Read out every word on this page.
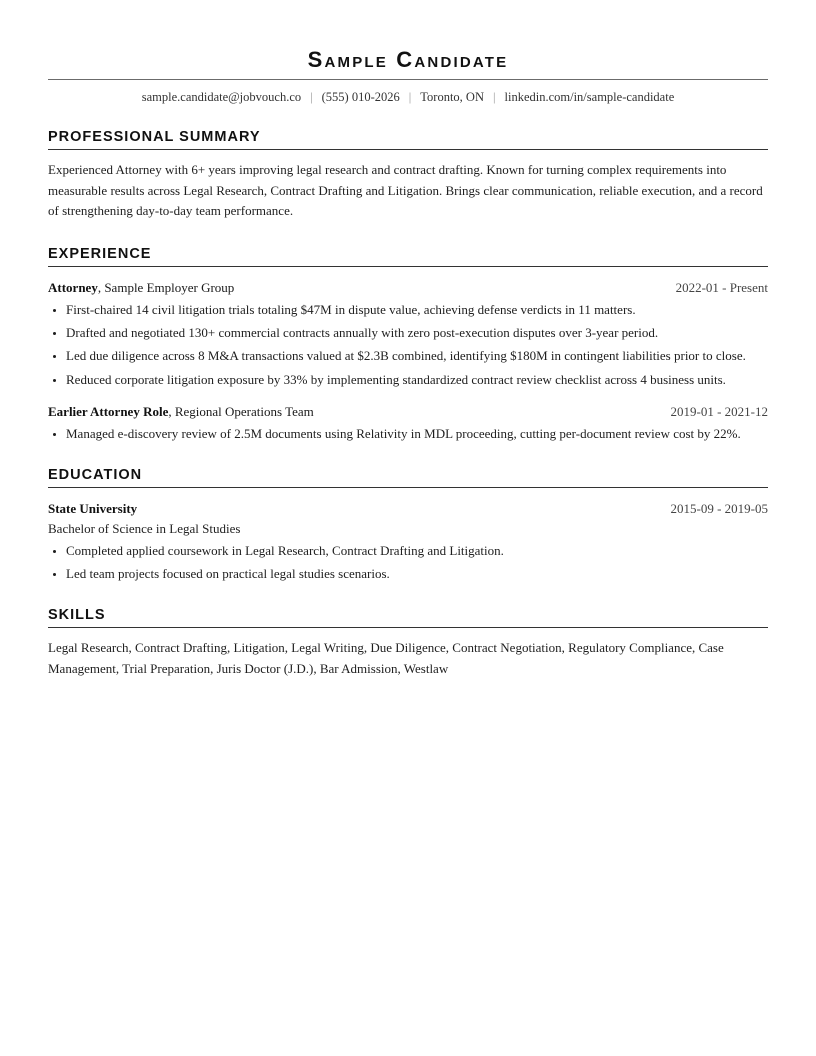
Sample Candidate
sample.candidate@jobvouch.co | (555) 010-2026 | Toronto, ON | linkedin.com/in/sample-candidate
PROFESSIONAL SUMMARY

Experienced Attorney with 6+ years improving legal research and contract drafting. Known for turning complex requirements into measurable results across Legal Research, Contract Drafting and Litigation. Brings clear communication, reliable execution, and a record of strengthening day-to-day team performance.

EXPERIENCE
Attorney, Sample Employer Group	2022-01 - Present
• First-chaired 14 civil litigation trials totaling $47M in dispute value, achieving defense verdicts in 11 matters.
• Drafted and negotiated 130+ commercial contracts annually with zero post-execution disputes over 3-year period.
• Led due diligence across 8 M&A transactions valued at $2.3B combined, identifying $180M in contingent liabilities prior to close.
• Reduced corporate litigation exposure by 33% by implementing standardized contract review checklist across 4 business units.
Earlier Attorney Role, Regional Operations Team	2019-01 - 2021-12
• Managed e-discovery review of 2.5M documents using Relativity in MDL proceeding, cutting per-document review cost by 22%.
EDUCATION
State University	2015-09 - 2019-05
Bachelor of Science in Legal Studies
• Completed applied coursework in Legal Research, Contract Drafting and Litigation.
• Led team projects focused on practical legal studies scenarios.
SKILLS

Legal Research, Contract Drafting, Litigation, Legal Writing, Due Diligence, Contract Negotiation, Regulatory Compliance, Case Management, Trial Preparation, Juris Doctor (J.D.), Bar Admission, Westlaw
